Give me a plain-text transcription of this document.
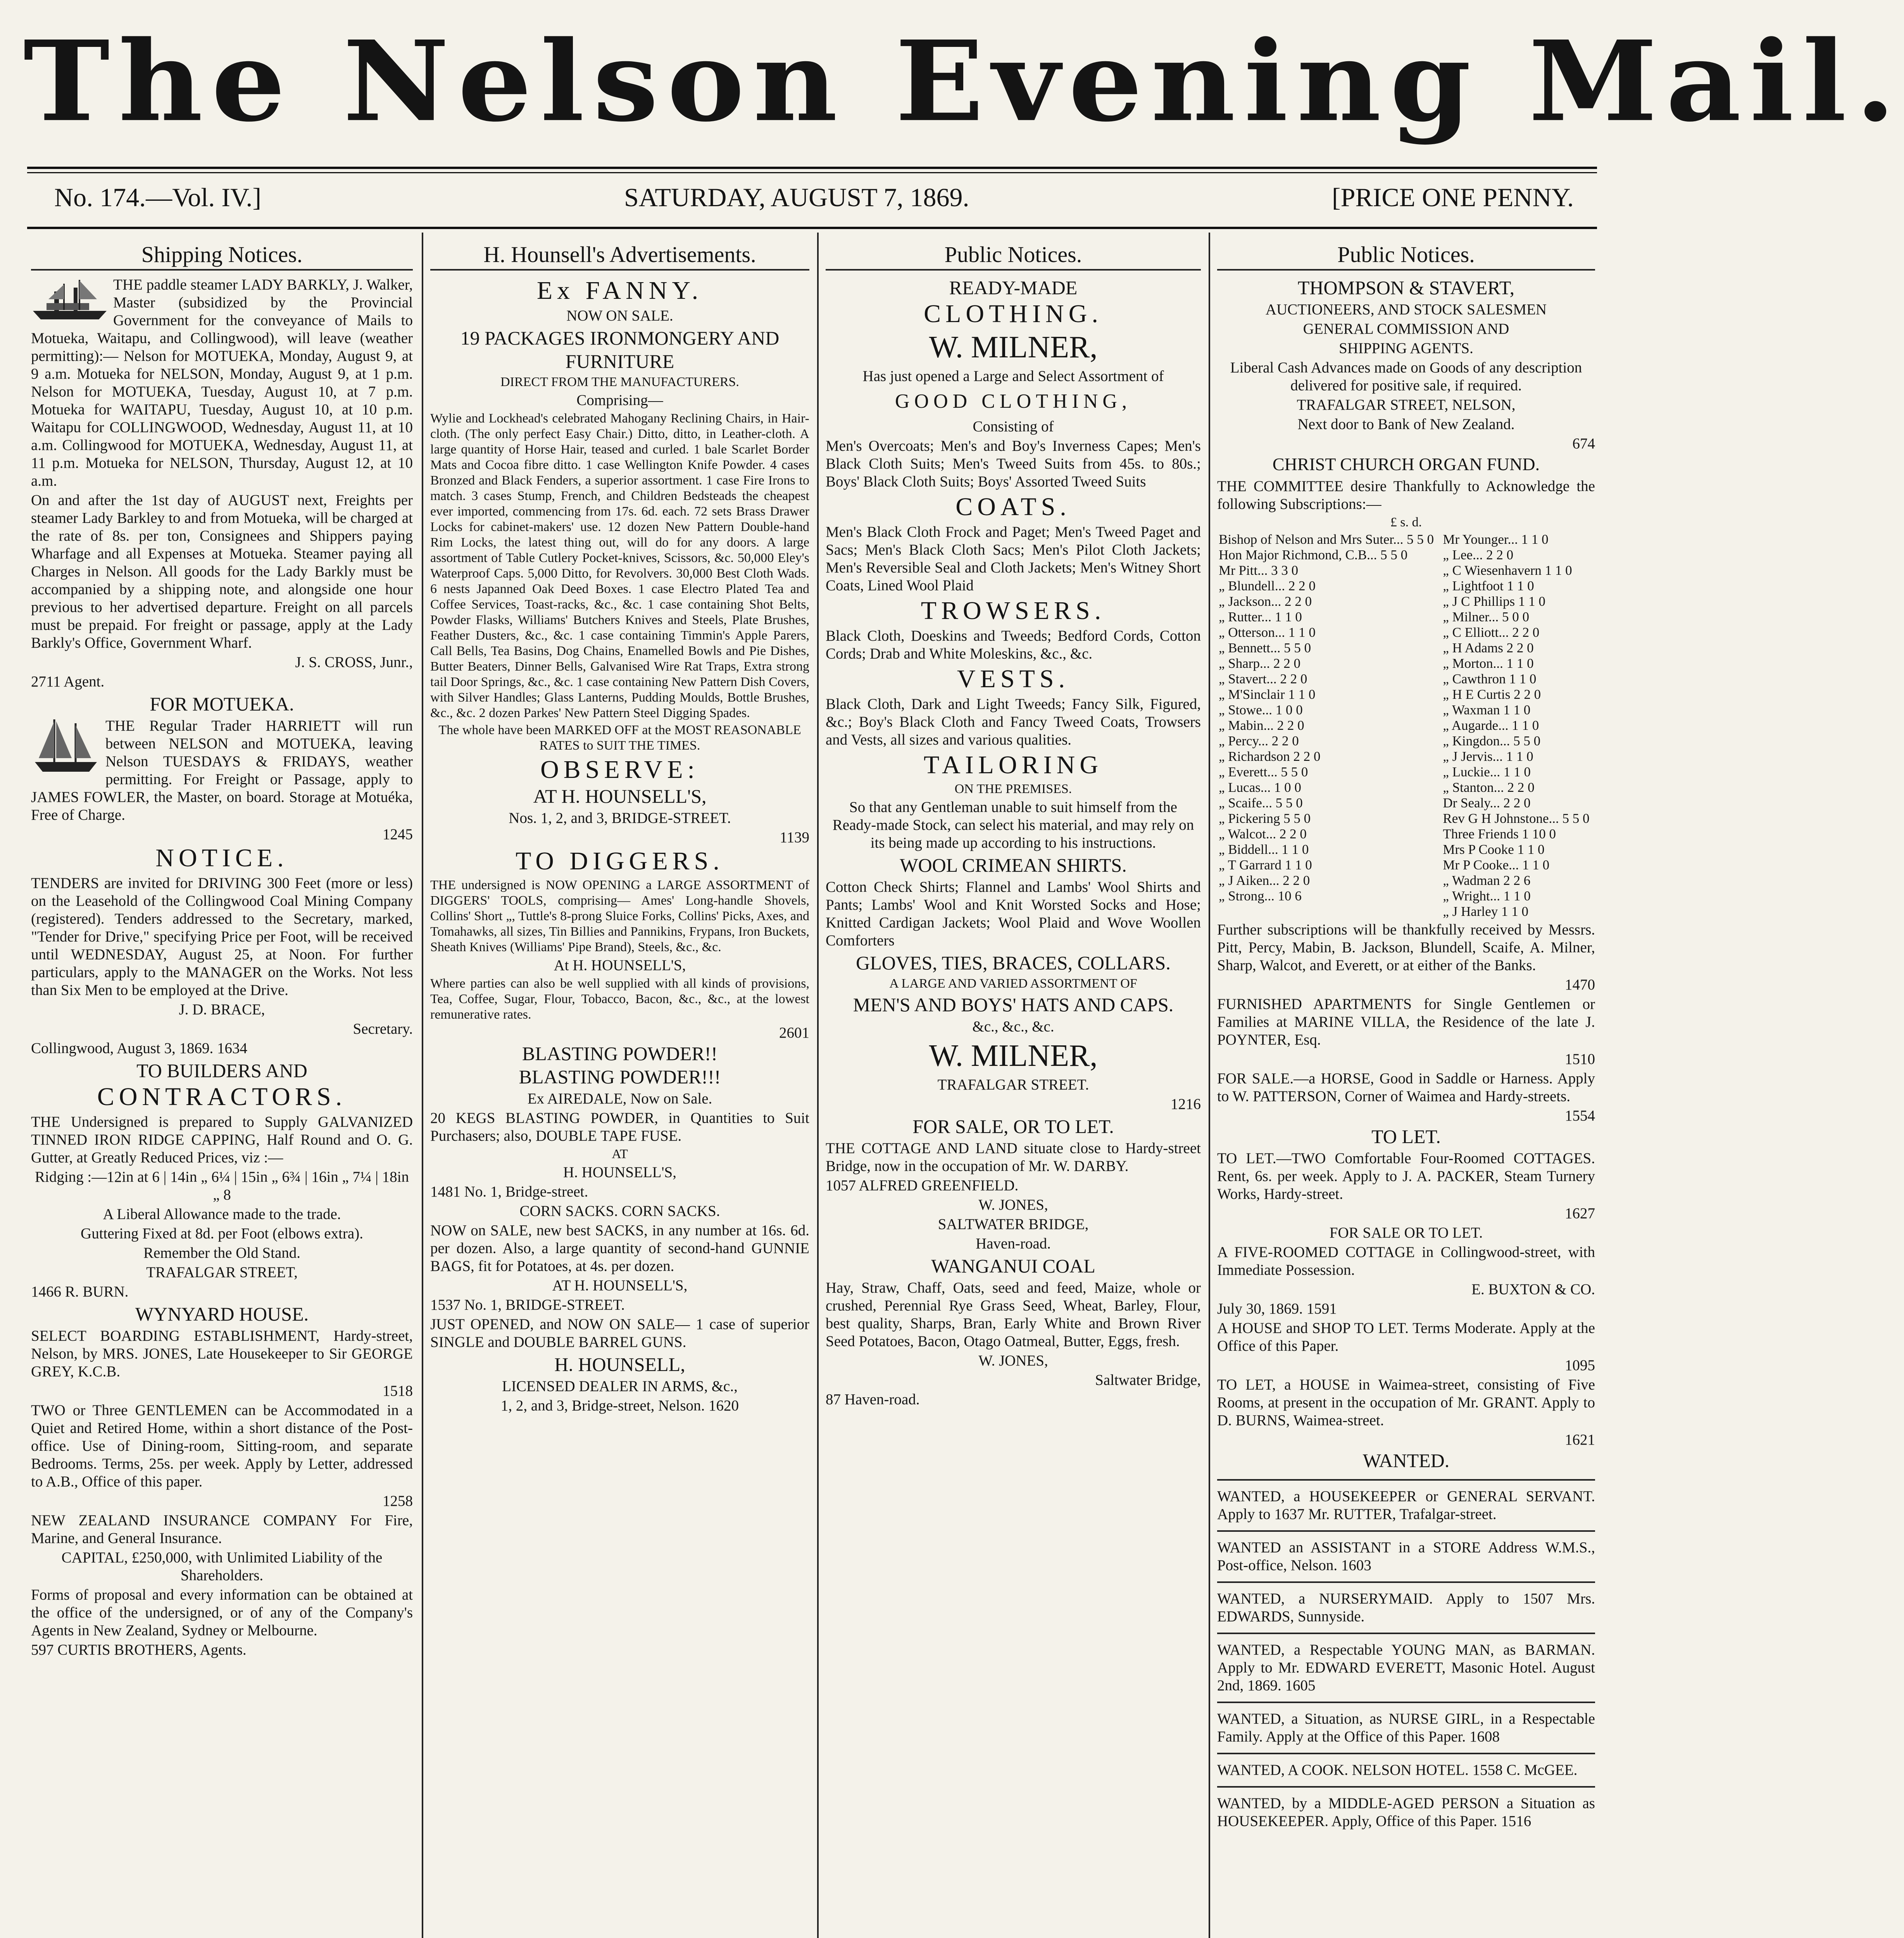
The Nelson Evening Mail.
No. 174.—Vol. IV.]	SATURDAY, AUGUST 7, 1869.	[PRICE ONE PENNY.
Shipping Notices.

THE paddle steamer LADY BARKLY, J. Walker, Master (subsidized by the Provincial Government for the conveyance of Mails to Motueka, Waitapu, and Collingwood), will leave (weather permitting):— Nelson for MOTUEKA, Monday, August 9, at 9 a.m. Motueka for NELSON, Monday, August 9, at 1 p.m. Nelson for MOTUEKA, Tuesday, August 10, at 7 p.m. Motueka for WAITAPU, Tuesday, August 10, at 10 p.m. Waitapu for COLLINGWOOD, Wednesday, August 11, at 10 a.m. Collingwood for MOTUEKA, Wednesday, August 11, at 11 p.m. Motueka for NELSON, Thursday, August 12, at 10 a.m.

On and after the 1st day of AUGUST next, Freights per steamer Lady Barkley to and from Motueka, will be charged at the rate of 8s. per ton, Consignees and Shippers paying Wharfage and all Expenses at Motueka. Steamer paying all Charges in Nelson. All goods for the Lady Barkly must be accompanied by a shipping note, and alongside one hour previous to her advertised departure. Freight on all parcels must be prepaid. For freight or passage, apply at the Lady Barkly's Office, Government Wharf.

J. S. CROSS, Junr.,

2711 Agent.

FOR MOTUEKA.

THE Regular Trader HARRIETT will run between NELSON and MOTUEKA, leaving Nelson TUESDAYS & FRIDAYS, weather permitting. For Freight or Passage, apply to JAMES FOWLER, the Master, on board. Storage at Motuéka, Free of Charge.

1245
NOTICE.

TENDERS are invited for DRIVING 300 Feet (more or less) on the Leasehold of the Collingwood Coal Mining Company (registered). Tenders addressed to the Secretary, marked, "Tender for Drive," specifying Price per Foot, will be received until WEDNESDAY, August 25, at Noon. For further particulars, apply to the MANAGER on the Works. Not less than Six Men to be employed at the Drive.

J. D. BRACE,

Secretary.

Collingwood, August 3, 1869. 1634

TO BUILDERS AND
CONTRACTORS.

THE Undersigned is prepared to Supply GALVANIZED TINNED IRON RIDGE CAPPING, Half Round and O. G. Gutter, at Greatly Reduced Prices, viz :—

Ridging :—12in at 6 | 14in „ 6¼ | 15in „ 6¾ | 16in „ 7¼ | 18in „ 8

A Liberal Allowance made to the trade.

Guttering Fixed at 8d. per Foot (elbows extra).

Remember the Old Stand.

TRAFALGAR STREET,

1466 R. BURN.

WYNYARD HOUSE.

SELECT BOARDING ESTABLISHMENT, Hardy-street, Nelson, by MRS. JONES, Late Housekeeper to Sir GEORGE GREY, K.C.B.

1518

TWO or Three GENTLEMEN can be Accommodated in a Quiet and Retired Home, within a short distance of the Post-office. Use of Dining-room, Sitting-room, and separate Bedrooms. Terms, 25s. per week. Apply by Letter, addressed to A.B., Office of this paper.

1258

NEW ZEALAND INSURANCE COMPANY For Fire, Marine, and General Insurance.

CAPITAL, £250,000, with Unlimited Liability of the Shareholders.

Forms of proposal and every information can be obtained at the office of the undersigned, or of any of the Company's Agents in New Zealand, Sydney or Melbourne.

597 CURTIS BROTHERS, Agents.

H. Hounsell's Advertisements.
Ex FANNY.

NOW ON SALE.

19 PACKAGES IRONMONGERY AND FURNITURE

DIRECT FROM THE MANUFACTURERS.

Comprising—

Wylie and Lockhead's celebrated Mahogany Reclining Chairs, in Hair-cloth. (The only perfect Easy Chair.) Ditto, ditto, in Leather-cloth. A large quantity of Horse Hair, teased and curled. 1 bale Scarlet Border Mats and Cocoa fibre ditto. 1 case Wellington Knife Powder. 4 cases Bronzed and Black Fenders, a superior assortment. 1 case Fire Irons to match. 3 cases Stump, French, and Children Bedsteads the cheapest ever imported, commencing from 17s. 6d. each. 72 sets Brass Drawer Locks for cabinet-makers' use. 12 dozen New Pattern Double-hand Rim Locks, the latest thing out, will do for any doors. A large assortment of Table Cutlery Pocket-knives, Scissors, &c. 50,000 Eley's Waterproof Caps. 5,000 Ditto, for Revolvers. 30,000 Best Cloth Wads. 6 nests Japanned Oak Deed Boxes. 1 case Electro Plated Tea and Coffee Services, Toast-racks, &c., &c. 1 case containing Shot Belts, Powder Flasks, Williams' Butchers Knives and Steels, Plate Brushes, Feather Dusters, &c., &c. 1 case containing Timmin's Apple Parers, Call Bells, Tea Basins, Dog Chains, Enamelled Bowls and Pie Dishes, Butter Beaters, Dinner Bells, Galvanised Wire Rat Traps, Extra strong tail Door Springs, &c., &c. 1 case containing New Pattern Dish Covers, with Silver Handles; Glass Lanterns, Pudding Moulds, Bottle Brushes, &c., &c. 2 dozen Parkes' New Pattern Steel Digging Spades.

The whole have been MARKED OFF at the MOST REASONABLE RATES to SUIT THE TIMES.

OBSERVE:
AT H. HOUNSELL'S,

Nos. 1, 2, and 3, BRIDGE-STREET.

1139
TO DIGGERS.

THE undersigned is NOW OPENING a LARGE ASSORTMENT of DIGGERS' TOOLS, comprising— Ames' Long-handle Shovels, Collins' Short „, Tuttle's 8-prong Sluice Forks, Collins' Picks, Axes, and Tomahawks, all sizes, Tin Billies and Pannikins, Frypans, Iron Buckets, Sheath Knives (Williams' Pipe Brand), Steels, &c., &c.

At H. HOUNSELL'S,

Where parties can also be well supplied with all kinds of provisions, Tea, Coffee, Sugar, Flour, Tobacco, Bacon, &c., &c., at the lowest remunerative rates.

2601
BLASTING POWDER!!
BLASTING POWDER!!!

Ex AIREDALE, Now on Sale.

20 KEGS BLASTING POWDER, in Quantities to Suit Purchasers; also, DOUBLE TAPE FUSE.

AT

H. HOUNSELL'S,

1481 No. 1, Bridge-street.

CORN SACKS. CORN SACKS.

NOW on SALE, new best SACKS, in any number at 16s. 6d. per dozen. Also, a large quantity of second-hand GUNNIE BAGS, fit for Potatoes, at 4s. per dozen.

AT H. HOUNSELL'S,

1537 No. 1, BRIDGE-STREET.

JUST OPENED, and NOW ON SALE— 1 case of superior SINGLE and DOUBLE BARREL GUNS.

H. HOUNSELL,

LICENSED DEALER IN ARMS, &c.,

1, 2, and 3, Bridge-street, Nelson. 1620

Public Notices.
READY-MADE
CLOTHING.
W. MILNER,

Has just opened a Large and Select Assortment of

GOOD CLOTHING,

Consisting of

Men's Overcoats; Men's and Boy's Inverness Capes; Men's Black Cloth Suits; Men's Tweed Suits from 45s. to 80s.; Boys' Black Cloth Suits; Boys' Assorted Tweed Suits

COATS.

Men's Black Cloth Frock and Paget; Men's Tweed Paget and Sacs; Men's Black Cloth Sacs; Men's Pilot Cloth Jackets; Men's Reversible Seal and Cloth Jackets; Men's Witney Short Coats, Lined Wool Plaid

TROWSERS.

Black Cloth, Doeskins and Tweeds; Bedford Cords, Cotton Cords; Drab and White Moleskins, &c., &c.

VESTS.

Black Cloth, Dark and Light Tweeds; Fancy Silk, Figured, &c.; Boy's Black Cloth and Fancy Tweed Coats, Trowsers and Vests, all sizes and various qualities.

TAILORING

ON THE PREMISES.

So that any Gentleman unable to suit himself from the Ready-made Stock, can select his material, and may rely on its being made up according to his instructions.

WOOL CRIMEAN SHIRTS.

Cotton Check Shirts; Flannel and Lambs' Wool Shirts and Pants; Lambs' Wool and Knit Worsted Socks and Hose; Knitted Cardigan Jackets; Wool Plaid and Wove Woollen Comforters

GLOVES, TIES, BRACES, COLLARS.

A LARGE AND VARIED ASSORTMENT OF

MEN'S AND BOYS' HATS AND CAPS.

&c., &c., &c.

W. MILNER,

TRAFALGAR STREET.

1216

FOR SALE, OR TO LET.

THE COTTAGE AND LAND situate close to Hardy-street Bridge, now in the occupation of Mr. W. DARBY.

1057 ALFRED GREENFIELD.

W. JONES,

SALTWATER BRIDGE,

Haven-road.

WANGANUI COAL

Hay, Straw, Chaff, Oats, seed and feed, Maize, whole or crushed, Perennial Rye Grass Seed, Wheat, Barley, Flour, best quality, Sharps, Bran, Early White and Brown River Seed Potatoes, Bacon, Otago Oatmeal, Butter, Eggs, fresh.

W. JONES,

Saltwater Bridge,

87 Haven-road.

Public Notices.
THOMPSON & STAVERT,

AUCTIONEERS, AND STOCK SALESMEN

GENERAL COMMISSION AND

SHIPPING AGENTS.

Liberal Cash Advances made on Goods of any description delivered for positive sale, if required.

TRAFALGAR STREET, NELSON,

Next door to Bank of New Zealand.

674
CHRIST CHURCH ORGAN FUND.

THE COMMITTEE desire Thankfully to Acknowledge the following Subscriptions:—

£ s. d.

Bishop of Nelson and Mrs Suter... 5 5 0	Mr Younger... 1 1 0
Hon Major Richmond, C.B... 5 5 0	„ Lee... 2 2 0
Mr Pitt... 3 3 0	„ C Wiesenhavern 1 1 0
„ Blundell... 2 2 0	„ Lightfoot 1 1 0
„ Jackson... 2 2 0	„ J C Phillips 1 1 0
„ Rutter... 1 1 0	„ Milner... 5 0 0
„ Otterson... 1 1 0	„ C Elliott... 2 2 0
„ Bennett... 5 5 0	„ H Adams 2 2 0
„ Sharp... 2 2 0	„ Morton... 1 1 0
„ Stavert... 2 2 0	„ Cawthron 1 1 0
„ M'Sinclair 1 1 0	„ H E Curtis 2 2 0
„ Stowe... 1 0 0	„ Waxman 1 1 0
„ Mabin... 2 2 0	„ Augarde... 1 1 0
„ Percy... 2 2 0	„ Kingdon... 5 5 0
„ Richardson 2 2 0	„ J Jervis... 1 1 0
„ Everett... 5 5 0	„ Luckie... 1 1 0
„ Lucas... 1 0 0	„ Stanton... 2 2 0
„ Scaife... 5 5 0	Dr Sealy... 2 2 0
„ Pickering 5 5 0	Rev G H Johnstone... 5 5 0
„ Walcot... 2 2 0	Three Friends 1 10 0
„ Biddell... 1 1 0	Mrs P Cooke 1 1 0
„ T Garrard 1 1 0	Mr P Cooke... 1 1 0
„ J Aiken... 2 2 0	„ Wadman 2 2 6
„ Strong... 10 6	„ Wright... 1 1 0
	„ J Harley 1 1 0

Further subscriptions will be thankfully received by Messrs. Pitt, Percy, Mabin, B. Jackson, Blundell, Scaife, A. Milner, Sharp, Walcot, and Everett, or at either of the Banks.

1470

FURNISHED APARTMENTS for Single Gentlemen or Families at MARINE VILLA, the Residence of the late J. POYNTER, Esq.

1510

FOR SALE.—a HORSE, Good in Saddle or Harness. Apply to W. PATTERSON, Corner of Waimea and Hardy-streets.

1554
TO LET.

TO LET.—TWO Comfortable Four-Roomed COTTAGES. Rent, 6s. per week. Apply to J. A. PACKER, Steam Turnery Works, Hardy-street.

1627

FOR SALE OR TO LET.

A FIVE-ROOMED COTTAGE in Collingwood-street, with Immediate Possession.

E. BUXTON & CO.

July 30, 1869. 1591

A HOUSE and SHOP TO LET. Terms Moderate. Apply at the Office of this Paper.

1095

TO LET, a HOUSE in Waimea-street, consisting of Five Rooms, at present in the occupation of Mr. GRANT. Apply to D. BURNS, Waimea-street.

1621
WANTED.

WANTED, a HOUSEKEEPER or GENERAL SERVANT. Apply to 1637 Mr. RUTTER, Trafalgar-street.

WANTED an ASSISTANT in a STORE Address W.M.S., Post-office, Nelson. 1603

WANTED, a NURSERYMAID. Apply to 1507 Mrs. EDWARDS, Sunnyside.

WANTED, a Respectable YOUNG MAN, as BARMAN. Apply to Mr. EDWARD EVERETT, Masonic Hotel. August 2nd, 1869. 1605

WANTED, a Situation, as NURSE GIRL, in a Respectable Family. Apply at the Office of this Paper. 1608

WANTED, A COOK. NELSON HOTEL. 1558 C. McGEE.

WANTED, by a MIDDLE-AGED PERSON a Situation as HOUSEKEEPER. Apply, Office of this Paper. 1516
